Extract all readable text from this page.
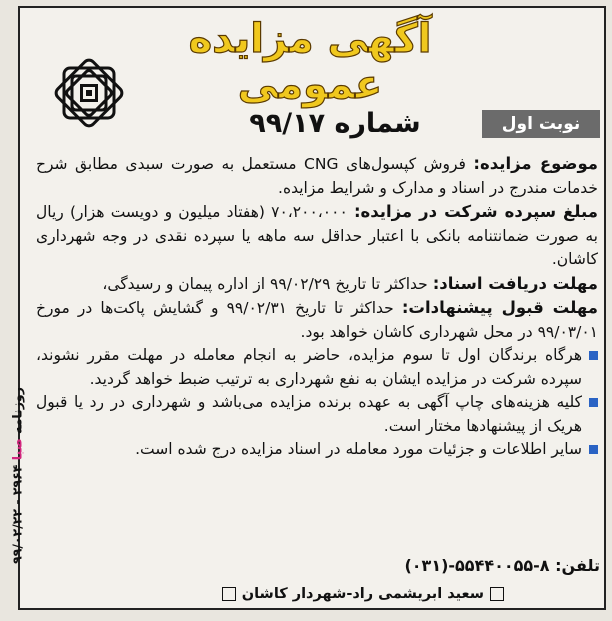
آگهی مزایده عمومی
نوبت اول
شماره ۹۹/۱۷

موضوع مزایده: فروش کپسول‌های CNG مستعمل به صورت سبدی مطابق شرح خدمات مندرج در اسناد و مدارک و شرایط مزایده.

مبلغ سپرده شرکت در مزایده: ۷۰،۲۰۰،۰۰۰ (هفتاد میلیون و دویست هزار) ریال به صورت ضمانتنامه بانکی با اعتبار حداقل سه ماهه یا سپرده نقدی در وجه شهرداری کاشان.

مهلت دریافت اسناد: حداکثر تا تاریخ ۹۹/۰۲/۲۹ از اداره پیمان و رسیدگی،

مهلت قبول پیشنهادات: حداکثر تا تاریخ ۹۹/۰۲/۳۱ و گشایش پاکت‌ها در مورخ ۹۹/۰۳/۰۱ در محل شهرداری کاشان خواهد بود.

هرگاه برندگان اول تا سوم مزایده، حاضر به انجام معامله در مهلت مقرر نشوند، سپرده شرکت در مزایده ایشان به نفع شهرداری به ترتیب ضبط خواهد گردید.

کلیه هزینه‌های چاپ آگهی به عهده برنده مزایده می‌باشد و شهرداری در رد یا قبول هریک از پیشنهادها مختار است.

سایر اطلاعات و جزئیات مورد معامله در اسناد مزایده درج شده است.

تلفن: ۸-۵۵۴۴۰۰۵۵-(۰۳۱)
سعید ابریشمی راد-شهردار کاشان
روزنامه صبا ۲۹۶۴ - ۹۹/۰۲/۲۲
